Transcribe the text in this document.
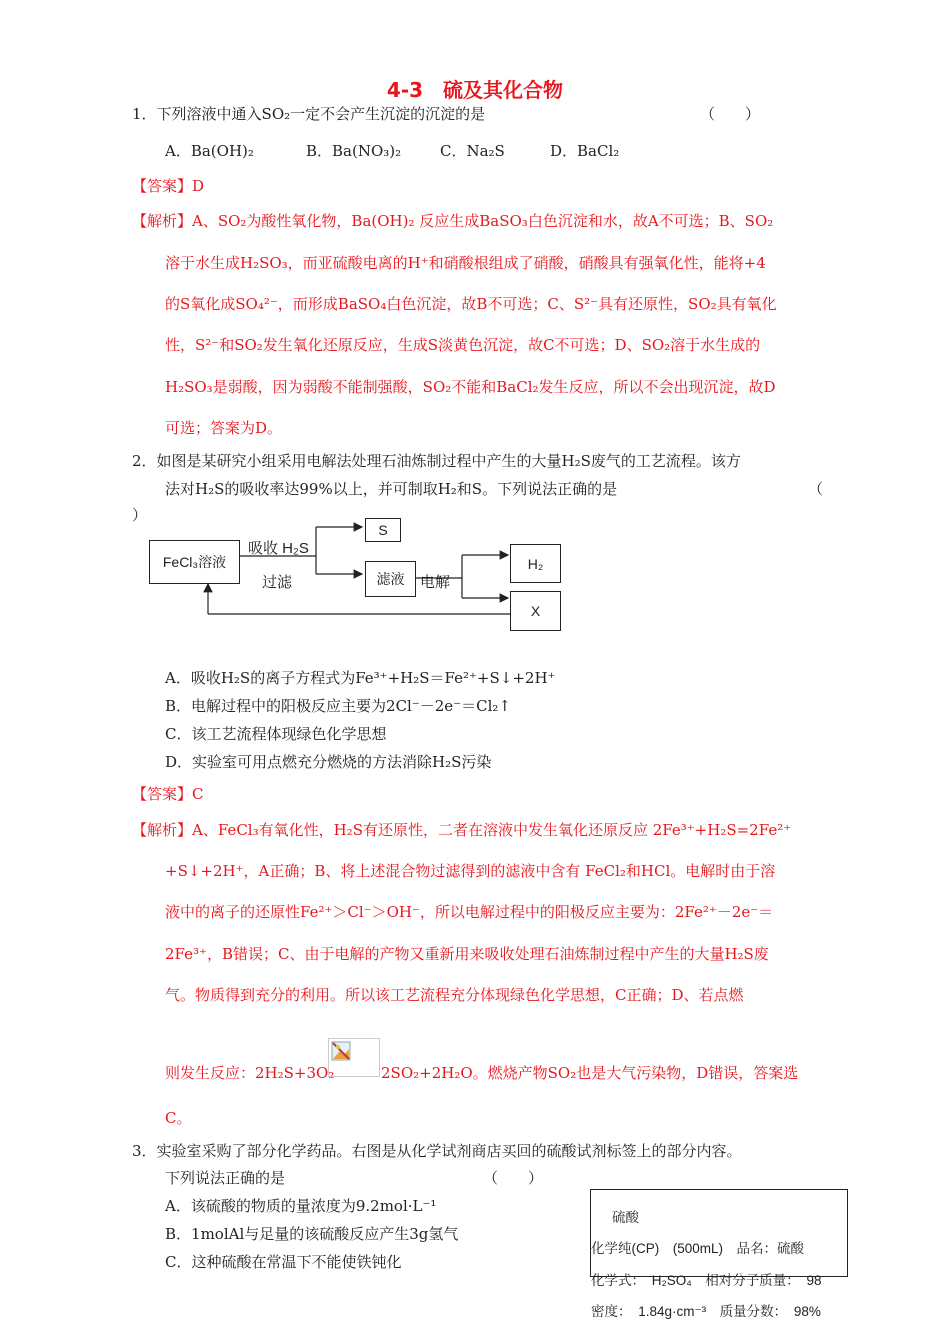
4-3　硫及其化合物
1．下列溶液中通入SO₂一定不会产生沉淀的沉淀的是	（　　）
A．Ba(OH)₂	B．Ba(NO₃)₂	C．Na₂S	D．BaCl₂
【答案】D
【解析】A、SO₂为酸性氧化物，Ba(OH)₂ 反应生成BaSO₃白色沉淀和水，故A不可选；B、SO₂
溶于水生成H₂SO₃，而亚硫酸电离的H⁺和硝酸根组成了硝酸，硝酸具有强氧化性，能将+4
的S氧化成SO₄²⁻，而形成BaSO₄白色沉淀，故B不可选；C、S²⁻具有还原性，SO₂具有氧化
性，S²⁻和SO₂发生氧化还原反应，生成S淡黄色沉淀，故C不可选；D、SO₂溶于水生成的
H₂SO₃是弱酸，因为弱酸不能制强酸，SO₂不能和BaCl₂发生反应，所以不会出现沉淀，故D
可选；答案为D。
2．如图是某研究小组采用电解法处理石油炼制过程中产生的大量H₂S废气的工艺流程。该方
法对H₂S的吸收率达99%以上，并可制取H₂和S。下列说法正确的是	（
）
FeCl₃溶液
S
滤液
H₂
X
吸收 H₂S
过滤	电解
A．吸收H₂S的离子方程式为Fe³⁺+H₂S＝Fe²⁺+S↓+2H⁺
B．电解过程中的阳极反应主要为2Cl⁻－2e⁻＝Cl₂↑
C．该工艺流程体现绿色化学思想
D．实验室可用点燃充分燃烧的方法消除H₂S污染
【答案】C
【解析】A、FeCl₃有氧化性，H₂S有还原性，二者在溶液中发生氧化还原反应 2Fe³⁺+H₂S=2Fe²⁺
+S↓+2H⁺，A正确；B、将上述混合物过滤得到的滤液中含有 FeCl₂和HCl。电解时由于溶
液中的离子的还原性Fe²⁺＞Cl⁻＞OH⁻，所以电解过程中的阳极反应主要为：2Fe²⁺－2e⁻＝
2Fe³⁺，B错误；C、由于电解的产物又重新用来吸收处理石油炼制过程中产生的大量H₂S废
气。物质得到充分的利用。所以该工艺流程充分体现绿色化学思想，C正确；D、若点燃
则发生反应：2H₂S+3O₂	2SO₂+2H₂O。燃烧产物SO₂也是大气污染物，D错误，答案选
C。
3．实验室采购了部分化学药品。右图是从化学试剂商店买回的硫酸试剂标签上的部分内容。
下列说法正确的是	（　　）
A．该硫酸的物质的量浓度为9.2mol·L⁻¹
B．1molAl与足量的该硫酸反应产生3g氢气
C．这种硫酸在常温下不能使铁钝化
硫酸
化学纯(CP)　(500mL)　品名：硫酸
化学式：　H₂SO₄　相对分子质量：　98
密度：　1.84g·cm⁻³　质量分数：　98%
